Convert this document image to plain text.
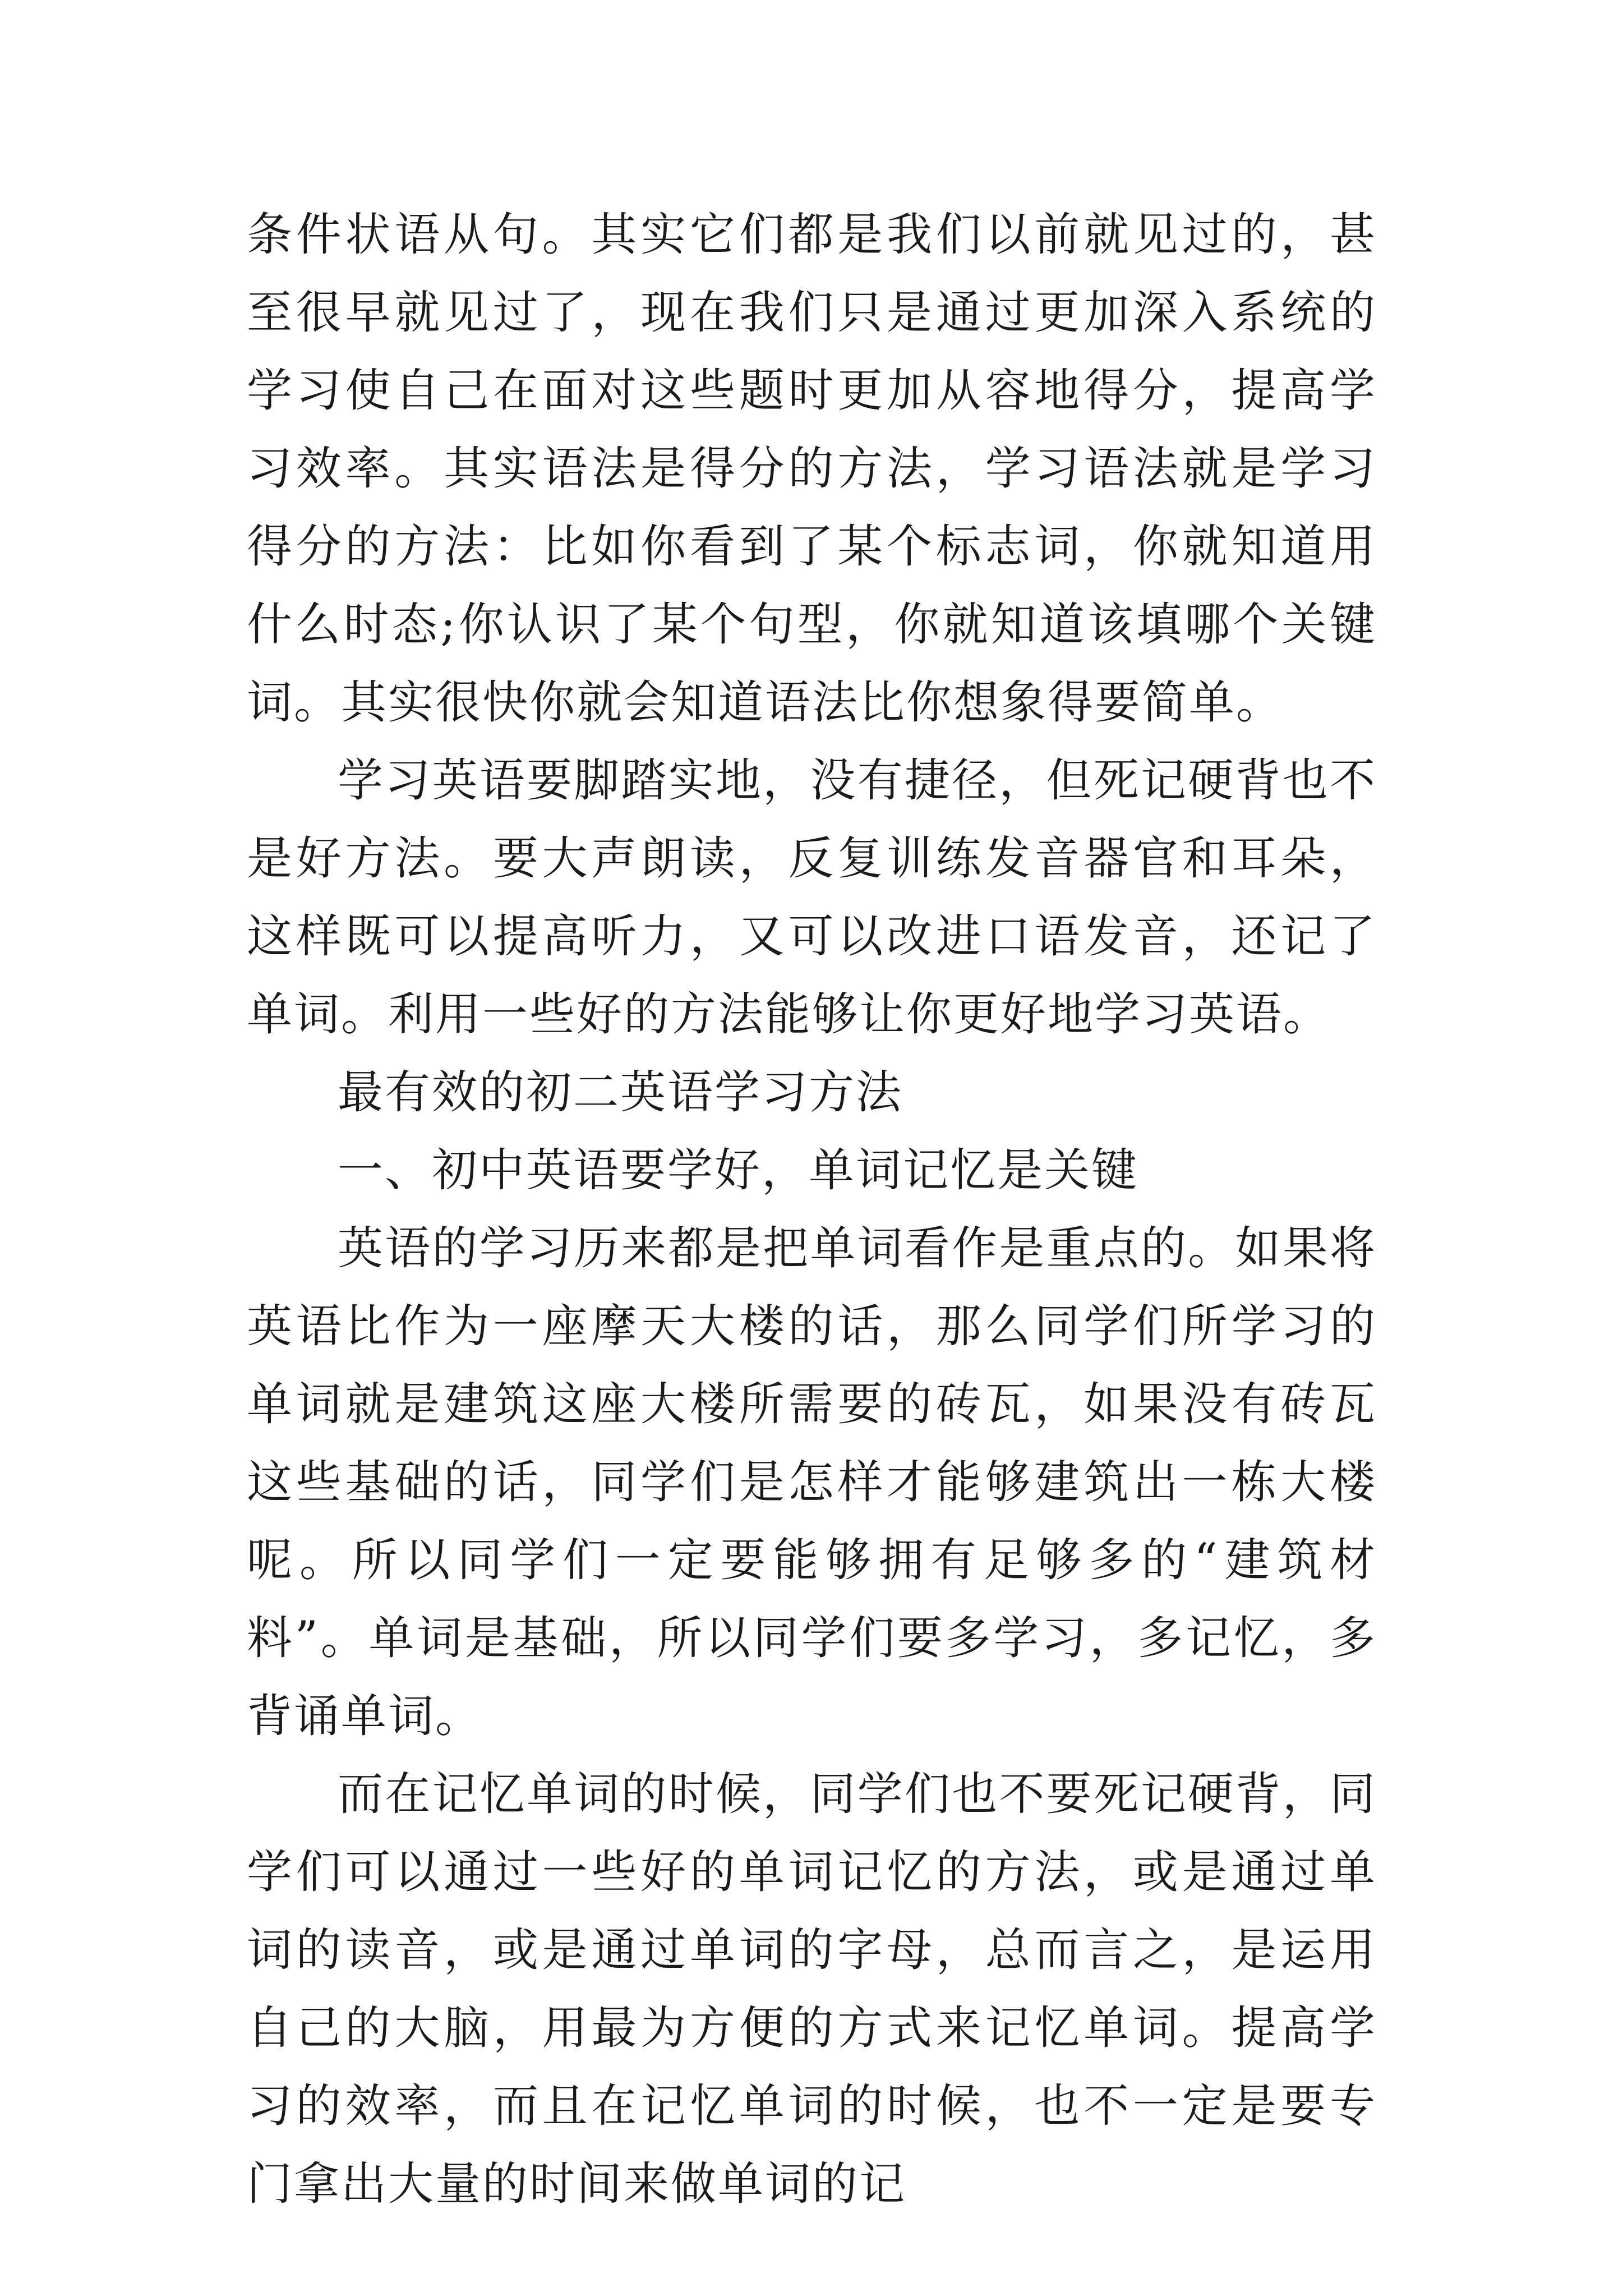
条件状语从句。其实它们都是我们以前就见过的，甚至很早就见过了，现在我们只是通过更加深入系统的学习使自己在面对这些题时更加从容地得分，提高学习效率。其实语法是得分的方法，学习语法就是学习得分的方法：比如你看到了某个标志词，你就知道用什么时态;你认识了某个句型，你就知道该填哪个关键词。其实很快你就会知道语法比你想象得要简单。

学习英语要脚踏实地，没有捷径，但死记硬背也不是好方法。要大声朗读，反复训练发音器官和耳朵，这样既可以提高听力，又可以改进口语发音，还记了单词。利用一些好的方法能够让你更好地学习英语。

最有效的初二英语学习方法

一、初中英语要学好，单词记忆是关键

英语的学习历来都是把单词看作是重点的。如果将英语比作为一座摩天大楼的话，那么同学们所学习的单词就是建筑这座大楼所需要的砖瓦，如果没有砖瓦这些基础的话，同学们是怎样才能够建筑出一栋大楼呢。所以同学们一定要能够拥有足够多的“建筑材料”。单词是基础，所以同学们要多学习，多记忆，多背诵单词。

而在记忆单词的时候，同学们也不要死记硬背，同学们可以通过一些好的单词记忆的方法，或是通过单词的读音，或是通过单词的字母，总而言之，是运用自己的大脑，用最为方便的方式来记忆单词。提高学习的效率，而且在记忆单词的时候，也不一定是要专门拿出大量的时间来做单词的记
